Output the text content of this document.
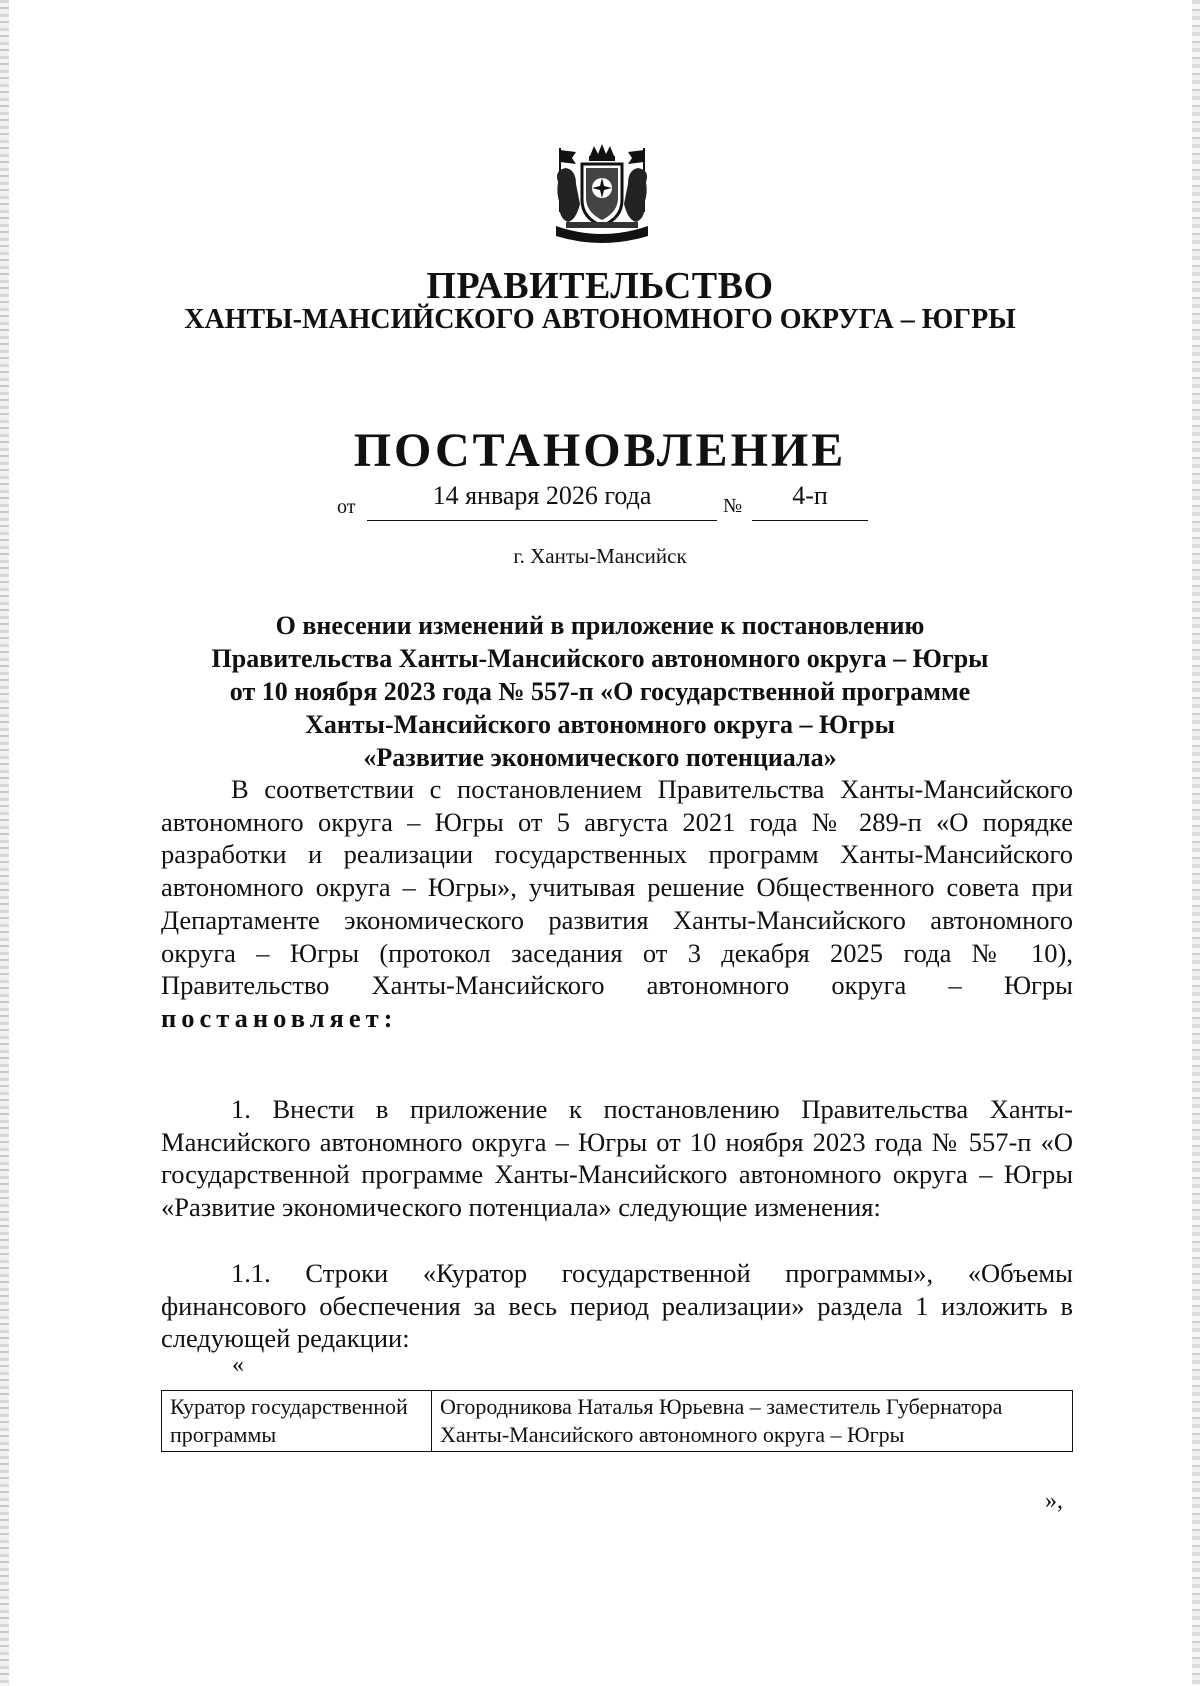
ПРАВИТЕЛЬСТВО
ХАНТЫ-МАНСИЙСКОГО АВТОНОМНОГО ОКРУГА – ЮГРЫ
ПОСТАНОВЛЕНИЕ
от	14 января 2026 года	№	4-п
г. Ханты-Мансийск
О внесении изменений в приложение к постановлению
Правительства Ханты-Мансийского автономного округа – Югры
от 10 ноября 2023 года № 557-п «О государственной программе
Ханты-Мансийского автономного округа – Югры
«Развитие экономического потенциала»
В соответствии с постановлением Правительства Ханты-Мансийского автономного округа – Югры от 5 августа 2021 года № 289-п «О порядке разработки и реализации государственных программ Ханты-Мансийского автономного округа – Югры», учитывая решение Общественного совета при Департаменте экономического развития Ханты-Мансийского автономного округа – Югры (протокол заседания от 3 декабря 2025 года № 10), Правительство Ханты-Мансийского автономного округа – Югры постановляет:
1. Внести в приложение к постановлению Правительства Ханты-Мансийского автономного округа – Югры от 10 ноября 2023 года № 557-п «О государственной программе Ханты-Мансийского автономного округа – Югры «Развитие экономического потенциала» следующие изменения:
1.1. Строки «Куратор государственной программы», «Объемы финансового обеспечения за весь период реализации» раздела 1 изложить в следующей редакции:
«
Куратор государственной программы	Огородникова Наталья Юрьевна – заместитель Губернатора Ханты-Мансийского автономного округа – Югры
»,
